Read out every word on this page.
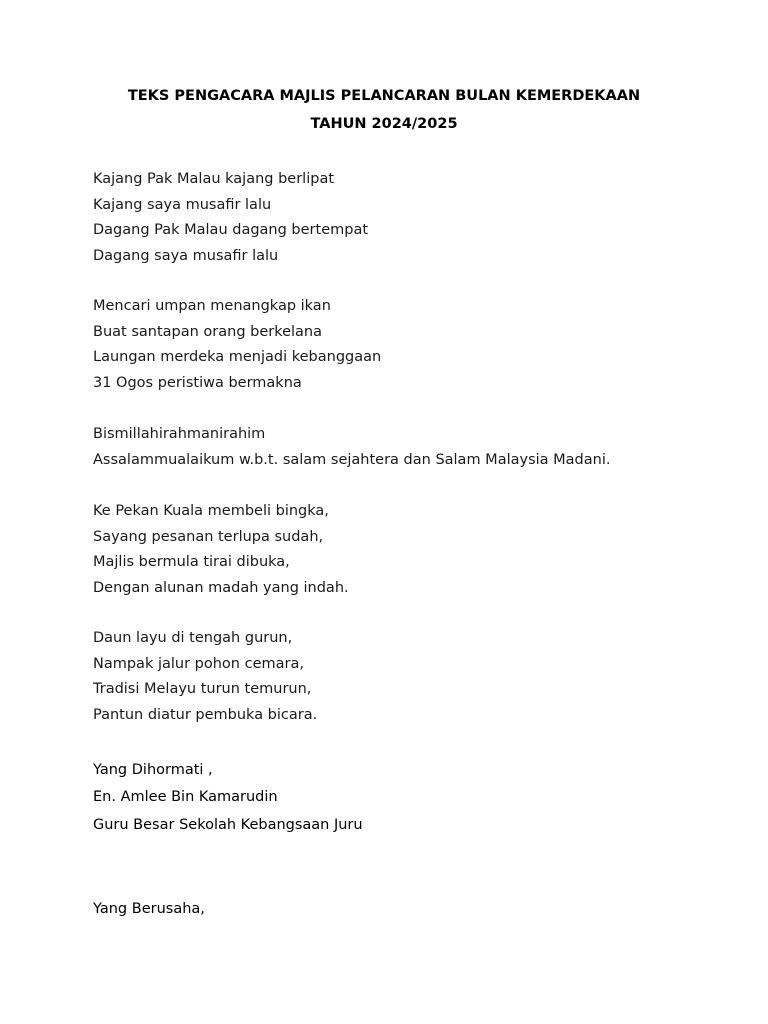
TEKS PENGACARA MAJLIS PELANCARAN BULAN KEMERDEKAAN
TAHUN 2024/2025
Kajang Pak Malau kajang berlipat
Kajang saya musafir lalu
Dagang Pak Malau dagang bertempat
Dagang saya musafir lalu
Mencari umpan menangkap ikan
Buat santapan orang berkelana
Laungan merdeka menjadi kebanggaan
31 Ogos peristiwa bermakna
Bismillahirahmanirahim
Assalammualaikum w.b.t. salam sejahtera dan Salam Malaysia Madani.
Ke Pekan Kuala membeli bingka,
Sayang pesanan terlupa sudah,
Majlis bermula tirai dibuka,
Dengan alunan madah yang indah.
Daun layu di tengah gurun,
Nampak jalur pohon cemara,
Tradisi Melayu turun temurun,
Pantun diatur pembuka bicara.
Yang Dihormati ,
En. Amlee Bin Kamarudin
Guru Besar Sekolah Kebangsaan Juru
Yang Berusaha,
